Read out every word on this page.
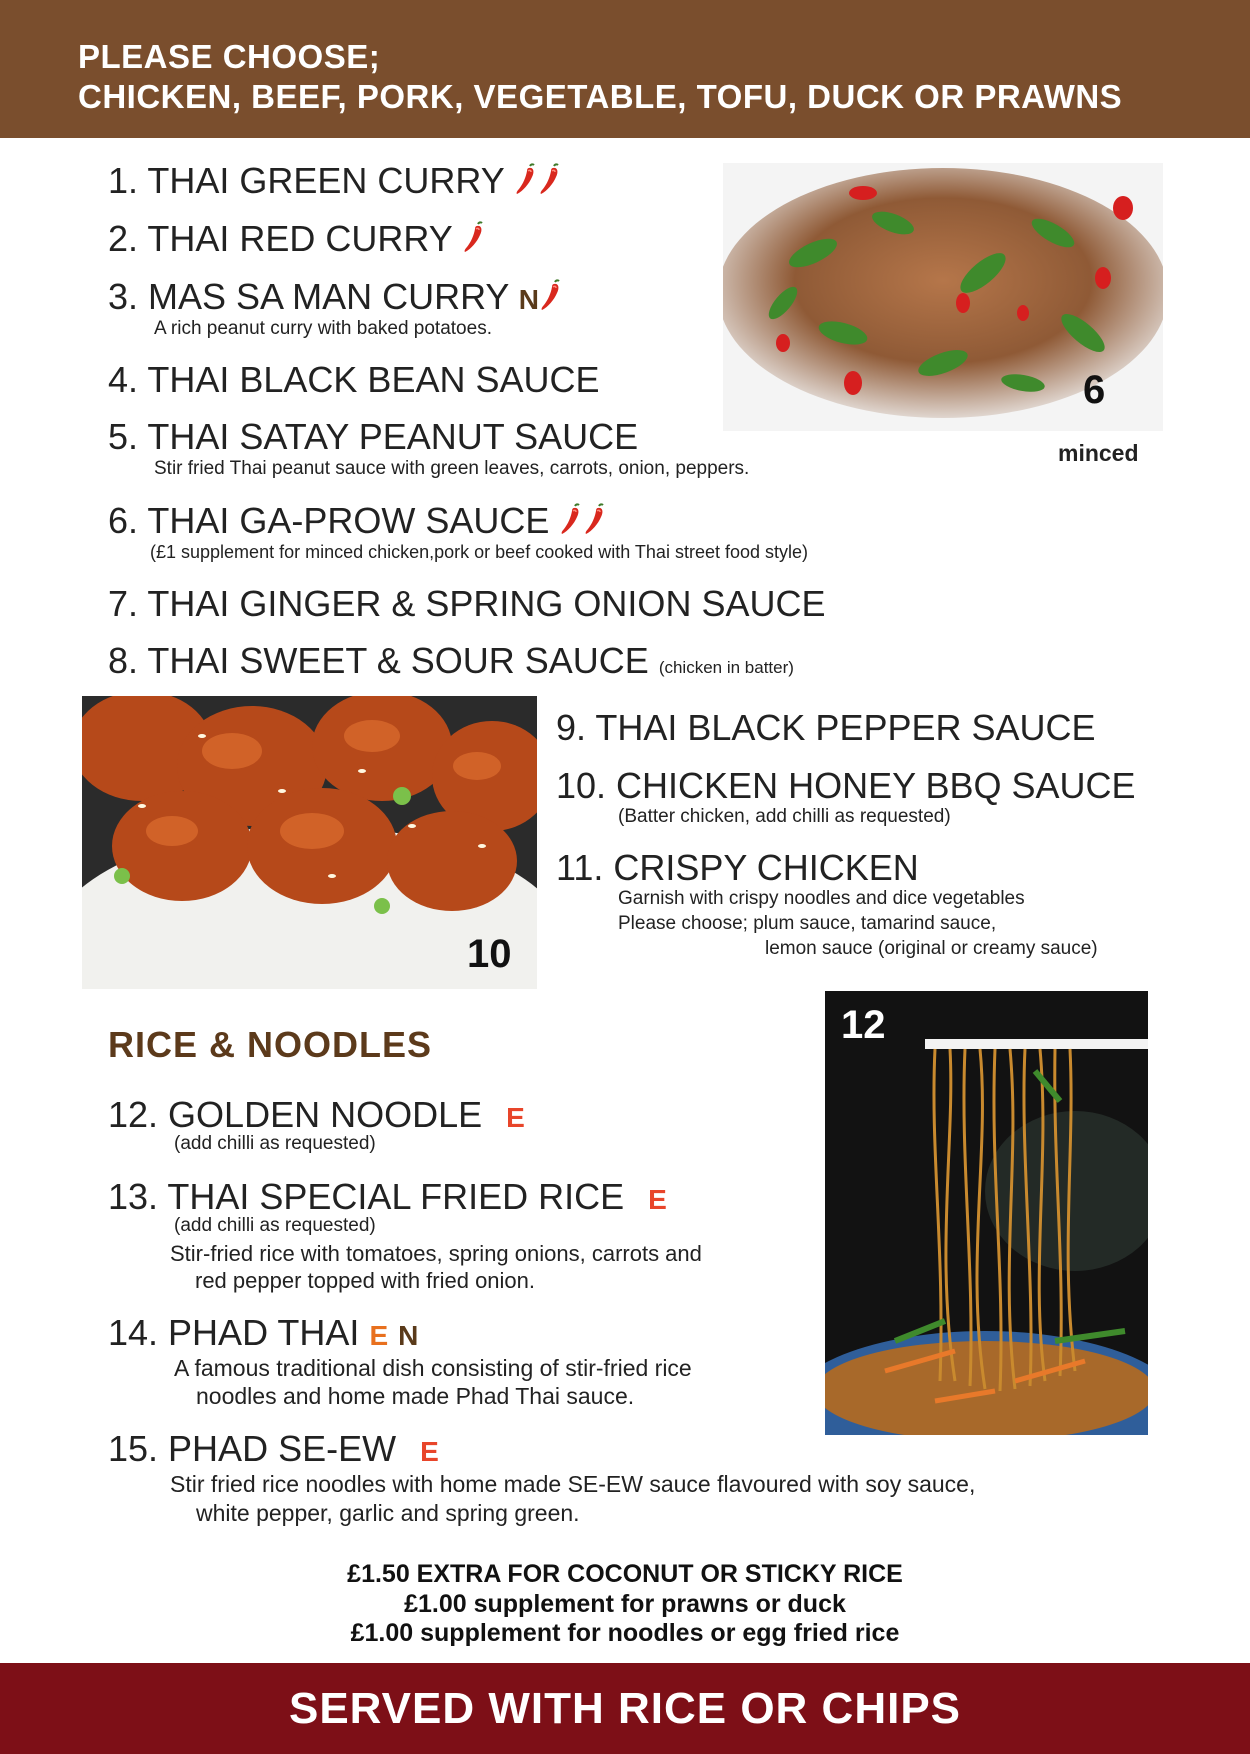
PLEASE CHOOSE;
CHICKEN, BEEF, PORK, VEGETABLE, TOFU, DUCK OR PRAWNS
1. THAI GREEN CURRY
2. THAI RED CURRY
3. MAS SA MAN CURRY N
A rich peanut curry with baked potatoes.
4. THAI BLACK BEAN SAUCE
5. THAI SATAY PEANUT SAUCE
Stir fried Thai peanut sauce with green leaves, carrots, onion, peppers.
6. THAI GA-PROW SAUCE
(£1 supplement for minced chicken,pork or beef cooked with Thai street food style)
7. THAI GINGER & SPRING ONION SAUCE
8. THAI SWEET & SOUR SAUCE (chicken in batter)
6
minced
10
9. THAI BLACK PEPPER SAUCE
10. CHICKEN HONEY BBQ SAUCE
(Batter chicken, add chilli as requested)
11. CRISPY CHICKEN
Garnish with crispy noodles and dice vegetables
Please choose; plum sauce, tamarind sauce,
lemon sauce (original or creamy sauce)
RICE & NOODLES
12. GOLDEN NOODLE E
(add chilli as requested)
13. THAI SPECIAL FRIED RICE E
(add chilli as requested)
Stir-fried rice with tomatoes, spring onions, carrots and
red pepper topped with fried onion.
14. PHAD THAI E N
A famous traditional dish consisting of stir-fried rice
noodles and home made Phad Thai sauce.
15. PHAD SE-EW E
Stir fried rice noodles with home made SE-EW sauce flavoured with soy sauce,
white pepper, garlic and spring green.
12
£1.50 EXTRA FOR COCONUT OR STICKY RICE
£1.00 supplement for prawns or duck
£1.00 supplement for noodles or egg fried rice
SERVED WITH RICE OR CHIPS
